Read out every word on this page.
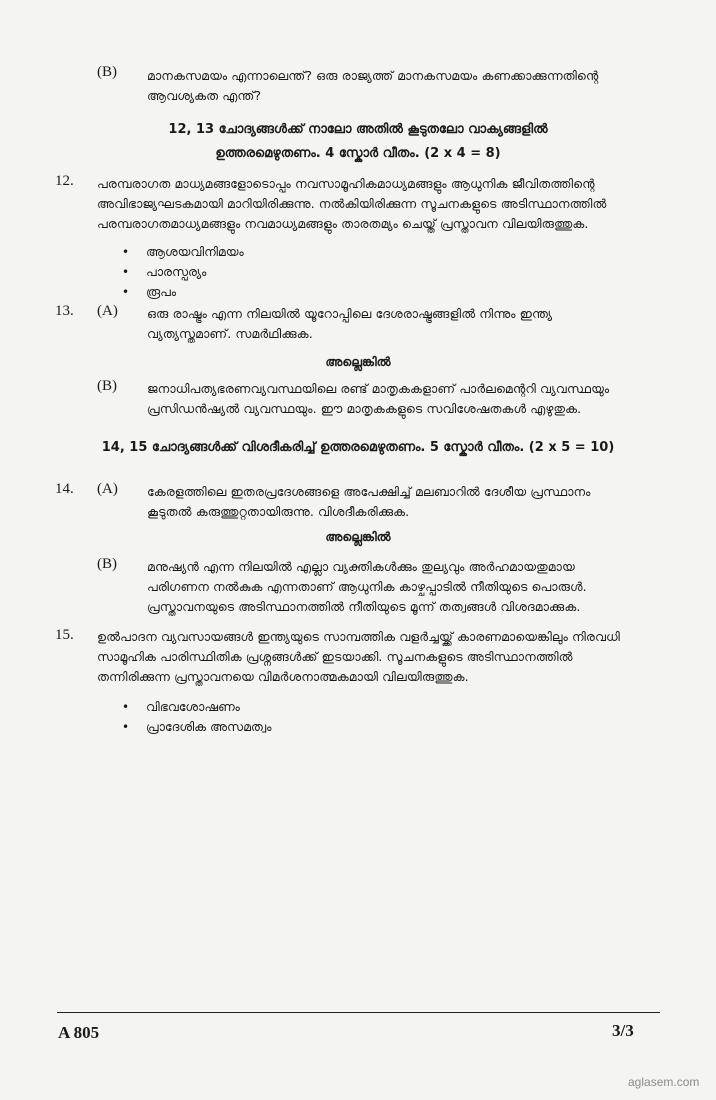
(B) മാനകസമയം എന്നാലെന്ത്? ഒരു രാജ്യത്ത് മാനകസമയം കണക്കാക്കുന്നതിന്റെ

ആവശ്യകത എന്ത്?

12, 13 ചോദ്യങ്ങൾക്ക് നാലോ അതിൽ കൂടുതലോ വാക്യങ്ങളിൽ

ഉത്തരമെഴുതണം. 4 സ്കോർ വീതം. (2 x 4 = 8)

12. പരമ്പരാഗത മാധ്യമങ്ങളോടൊപ്പം നവസാമൂഹികമാധ്യമങ്ങളും ആധുനിക ജീവിതത്തിന്റെ

അവിഭാജ്യഘടകമായി മാറിയിരിക്കുന്നു. നൽകിയിരിക്കുന്ന സൂചനകളുടെ അടിസ്ഥാനത്തിൽ

പരമ്പരാഗതമാധ്യമങ്ങളും നവമാധ്യമങ്ങളും താരതമ്യം ചെയ്ത് പ്രസ്താവന വിലയിരുത്തുക.

• ആശയവിനിമയം
• പാരസ്പര്യം
• രൂപം
13. (A) ഒരു രാഷ്ട്രം എന്ന നിലയിൽ യൂറോപ്പിലെ ദേശരാഷ്ട്രങ്ങളിൽ നിന്നും ഇന്ത്യ

വ്യത്യസ്തമാണ്. സമർഥിക്കുക.

അല്ലെങ്കിൽ
(B) ജനാധിപത്യഭരണവ്യവസ്ഥയിലെ രണ്ട് മാതൃകകളാണ് പാർലമെന്ററി വ്യവസ്ഥയും

പ്രസിഡൻഷ്യൽ വ്യവസ്ഥയും. ഈ മാതൃകകളുടെ സവിശേഷതകൾ എഴുതുക.

14, 15 ചോദ്യങ്ങൾക്ക് വിശദീകരിച്ച് ഉത്തരമെഴുതണം. 5 സ്കോർ വീതം. (2 x 5 = 10)

14. (A) കേരളത്തിലെ ഇതരപ്രദേശങ്ങളെ അപേക്ഷിച്ച് മലബാറിൽ ദേശീയ പ്രസ്ഥാനം

കൂടുതൽ കരുത്തുറ്റതായിരുന്നു. വിശദീകരിക്കുക.

അല്ലെങ്കിൽ
(B) മനുഷ്യൻ എന്ന നിലയിൽ എല്ലാ വ്യക്തികൾക്കും തുല്യവും അർഹമായതുമായ

പരിഗണന നൽകുക എന്നതാണ് ആധുനിക കാഴ്ചപ്പാടിൽ നീതിയുടെ പൊരുൾ.

പ്രസ്താവനയുടെ അടിസ്ഥാനത്തിൽ നീതിയുടെ മൂന്ന് തത്വങ്ങൾ വിശദമാക്കുക.

15. ഉൽപാദന വ്യവസായങ്ങൾ ഇന്ത്യയുടെ സാമ്പത്തിക വളർച്ചയ്ക്ക് കാരണമായെങ്കിലും നിരവധി

സാമൂഹിക പാരിസ്ഥിതിക പ്രശ്നങ്ങൾക്ക് ഇടയാക്കി. സൂചനകളുടെ അടിസ്ഥാനത്തിൽ

തന്നിരിക്കുന്ന പ്രസ്താവനയെ വിമർശനാത്മകമായി വിലയിരുത്തുക.

• വിഭവശോഷണം
• പ്രാദേശിക അസമത്വം
A 805	3/3
aglasem.com
